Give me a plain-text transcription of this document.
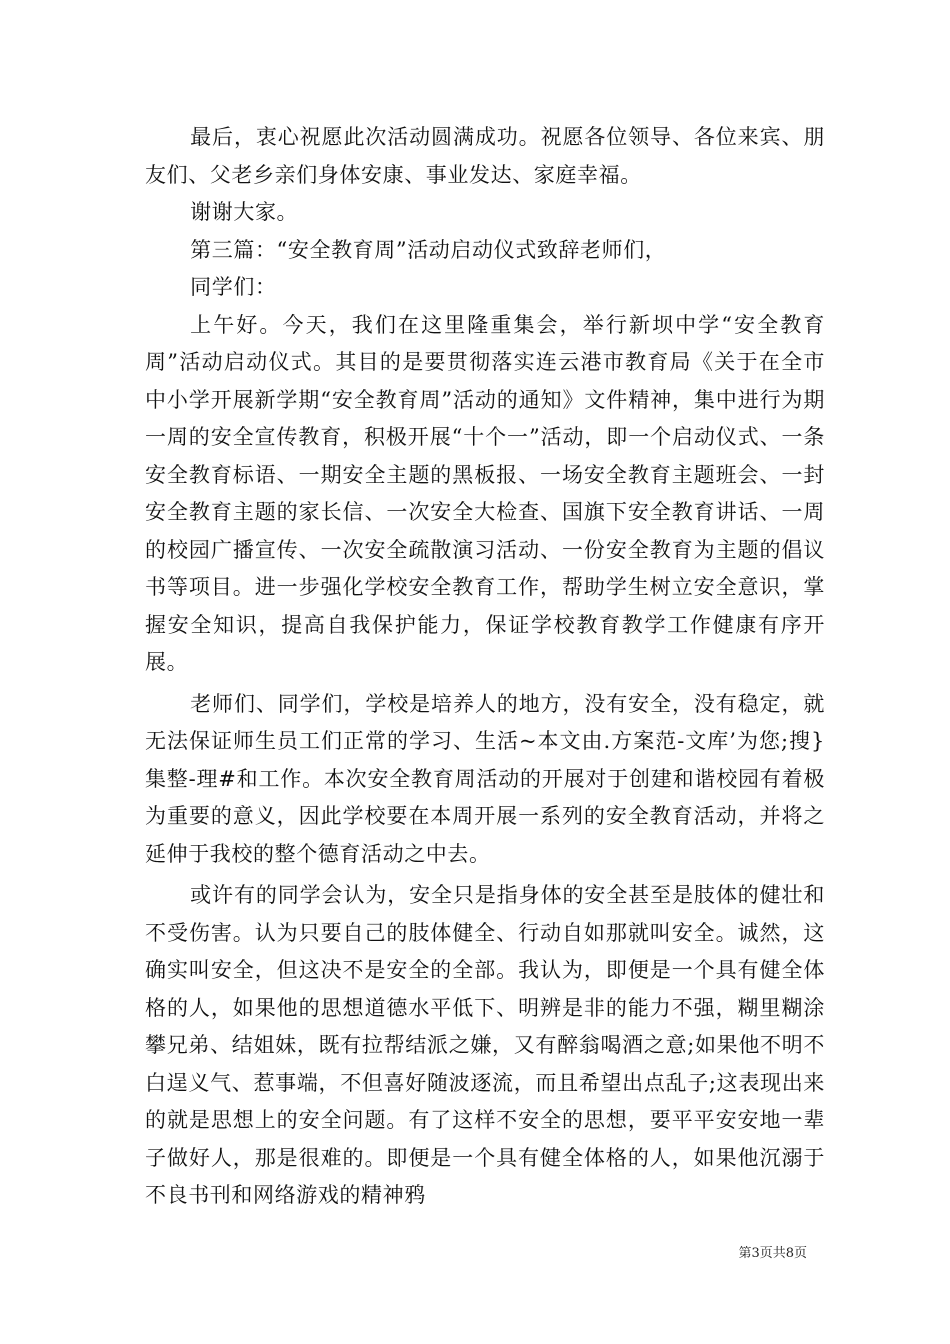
最后，衷心祝愿此次活动圆满成功。祝愿各位领导、各位来宾、朋友们、父老乡亲们身体安康、事业发达、家庭幸福。

谢谢大家。

第三篇：“安全教育周”活动启动仪式致辞老师们，

同学们：

上午好。今天，我们在这里隆重集会，举行新坝中学“安全教育周”活动启动仪式。其目的是要贯彻落实连云港市教育局《关于在全市中小学开展新学期“安全教育周”活动的通知》文件精神，集中进行为期一周的安全宣传教育，积极开展“十个一”活动，即一个启动仪式、一条安全教育标语、一期安全主题的黑板报、一场安全教育主题班会、一封安全教育主题的家长信、一次安全大检查、国旗下安全教育讲话、一周的校园广播宣传、一次安全疏散演习活动、一份安全教育为主题的倡议书等项目。进一步强化学校安全教育工作，帮助学生树立安全意识，掌握安全知识，提高自我保护能力，保证学校教育教学工作健康有序开展。

老师们、同学们，学校是培养人的地方，没有安全，没有稳定，就无法保证师生员工们正常的学习、生活~本文由.方案范-文库’为您;搜}集整-理#和工作。本次安全教育周活动的开展对于创建和谐校园有着极为重要的意义，因此学校要在本周开展一系列的安全教育活动，并将之延伸于我校的整个德育活动之中去。

或许有的同学会认为，安全只是指身体的安全甚至是肢体的健壮和不受伤害。认为只要自己的肢体健全、行动自如那就叫安全。诚然，这确实叫安全，但这决不是安全的全部。我认为，即便是一个具有健全体格的人，如果他的思想道德水平低下、明辨是非的能力不强，糊里糊涂攀兄弟、结姐妹，既有拉帮结派之嫌，又有醉翁喝酒之意;如果他不明不白逞义气、惹事端，不但喜好随波逐流，而且希望出点乱子;这表现出来的就是思想上的安全问题。有了这样不安全的思想，要平平安安地一辈子做好人，那是很难的。即便是一个具有健全体格的人，如果他沉溺于不良书刊和网络游戏的精神鸦

第3页共8页
